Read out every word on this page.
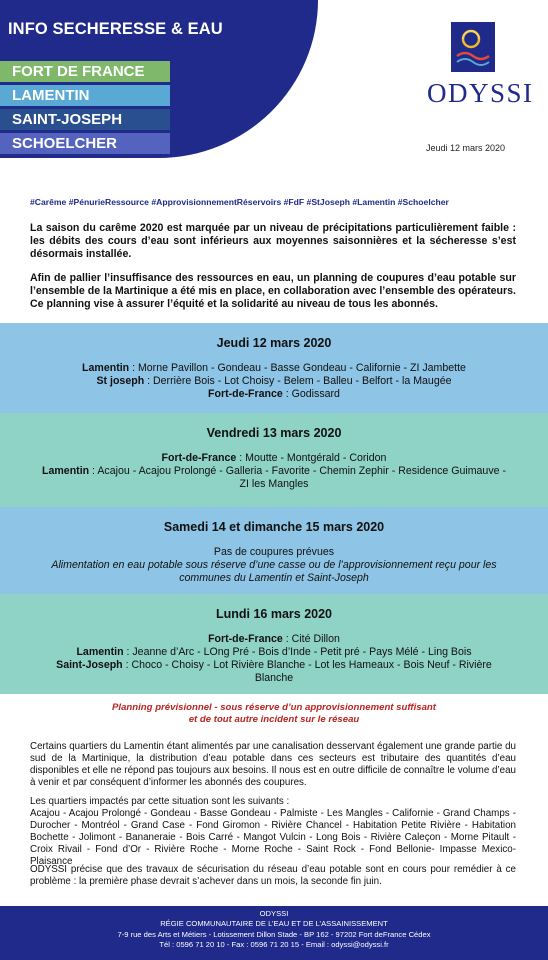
INFO SECHERESSE & EAU
FORT DE FRANCE
LAMENTIN
SAINT-JOSEPH
SCHOELCHER
ODYSSI
Jeudi 12 mars 2020
#Carême #PénurieRessource #ApprovisionnementRéservoirs #FdF #StJoseph #Lamentin #Schoelcher

La saison du carême 2020 est marquée par un niveau de précipitations particulièrement faible : les débits des cours d’eau sont inférieurs aux moyennes saisonnières et la sécheresse s’est désormais installée.

Afin de pallier l’insuffisance des ressources en eau, un planning de coupures d’eau potable sur l’ensemble de la Martinique a été mis en place, en collaboration avec l’ensemble des opérateurs. Ce planning vise à assurer l’équité et la solidarité au niveau de tous les abonnés.

Jeudi 12 mars 2020
Lamentin : Morne Pavillon - Gondeau - Basse Gondeau - Californie - ZI Jambette
St joseph : Derrière Bois - Lot Choisy - Belem - Balleu - Belfort - la Maugée
Fort-de-France : Godissard
Vendredi 13 mars 2020
Fort-de-France : Moutte - Montgérald - Coridon
Lamentin : Acajou - Acajou Prolongé - Galleria - Favorite - Chemin Zephir - Residence Guimauve - ZI les Mangles
Samedi 14 et dimanche 15 mars 2020
Pas de coupures prévues
Alimentation en eau potable sous réserve d’une casse ou de l’approvisionnement reçu pour les communes du Lamentin et Saint-Joseph
Lundi 16 mars 2020
Fort-de-France : Cité Dillon
Lamentin : Jeanne d’Arc - LOng Pré - Bois d’Inde - Petit pré - Pays Mélé - Ling Bois
Saint-Joseph : Choco - Choisy - Lot Rivière Blanche - Lot les Hameaux - Bois Neuf - Rivière Blanche
Planning prévisionnel - sous réserve d’un approvisionnement suffisant
et de tout autre incident sur le réseau

Certains quartiers du Lamentin étant alimentés par une canalisation desservant également une grande partie du sud de la Martinique, la distribution d’eau potable dans ces secteurs est tributaire des quantités d’eau disponibles et elle ne répond pas toujours aux besoins. Il nous est en outre difficile de connaître le volume d’eau à venir et par conséquent d’informer les abonnés des coupures.

Les quartiers impactés par cette situation sont les suivants :

Acajou - Acajou Prolongé - Gondeau - Basse Gondeau - Palmiste - Les Mangles - Californie - Grand Champs - Durocher - Montréol - Grand Case - Fond Giromon - Rivière Chancel - Habitation Petite Rivière - Habitation Bochette - Jolimont - Bananeraie - Bois Carré - Mangot Vulcin - Long Bois - Rivière Caleçon - Morne Pitault - Croix Rivail - Fond d’Or - Rivière Roche - Morne Roche - Saint Rock - Fond Bellonie- Impasse Mexico- Plaisance

ODYSSI précise que des travaux de sécurisation du réseau d’eau potable sont en cours pour remédier à ce problème : la première phase devrait s’achever dans un mois, la seconde fin juin.

ODYSSI
RÉGIE COMMUNAUTAIRE DE L’EAU ET DE L’ASSAINISSEMENT
7-9 rue des Arts et Métiers - Lotissement Dillon Stade - BP 162 - 97202 Fort deFrance Cédex
Tél : 0596 71 20 10 - Fax : 0596 71 20 15 - Email : odyssi@odyssi.fr
